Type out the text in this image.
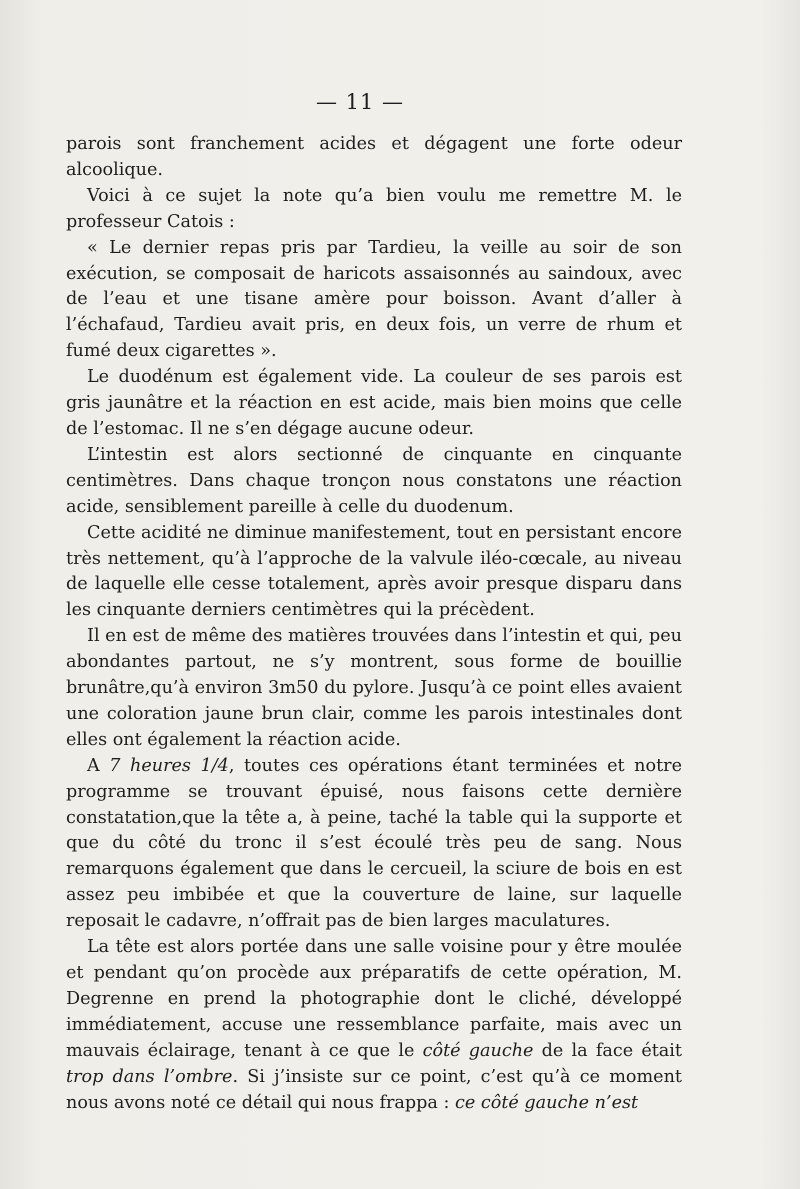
— 11 —

parois sont franchement acides et dégagent une forte odeur alcoolique.

Voici à ce sujet la note qu’a bien voulu me remettre M. le professeur Catois :

« Le dernier repas pris par Tardieu, la veille au soir de son exécution, se composait de haricots assaisonnés au saindoux, avec de l’eau et une tisane amère pour boisson. Avant d’aller à l’échafaud, Tardieu avait pris, en deux fois, un verre de rhum et fumé deux cigarettes ».

Le duodénum est également vide. La couleur de ses parois est gris jaunâtre et la réaction en est acide, mais bien moins que celle de l’estomac. Il ne s’en dégage aucune odeur.

L’intestin est alors sectionné de cinquante en cinquante centimètres. Dans chaque tronçon nous constatons une réaction acide, sensiblement pareille à celle du duodenum.

Cette acidité ne diminue manifestement, tout en persistant encore très nettement, qu’à l’approche de la valvule iléo-cœcale, au niveau de laquelle elle cesse totalement, après avoir presque disparu dans les cinquante derniers centimètres qui la précèdent.

Il en est de même des matières trouvées dans l’intestin et qui, peu abondantes partout, ne s’y montrent, sous forme de bouillie brunâtre,qu’à environ 3m50 du pylore. Jusqu’à ce point elles avaient une coloration jaune brun clair, comme les parois intestinales dont elles ont également la réaction acide.

A 7 heures 1/4, toutes ces opérations étant terminées et notre programme se trouvant épuisé, nous faisons cette dernière constatation,que la tête a, à peine, taché la table qui la supporte et que du côté du tronc il s’est écoulé très peu de sang. Nous remarquons également que dans le cercueil, la sciure de bois en est assez peu imbibée et que la couverture de laine, sur laquelle reposait le cadavre, n’offrait pas de bien larges maculatures.

La tête est alors portée dans une salle voisine pour y être moulée et pendant qu’on procède aux préparatifs de cette opération, M. Degrenne en prend la photographie dont le cliché, développé immédiatement, accuse une ressemblance parfaite, mais avec un mauvais éclairage, tenant à ce que le côté gauche de la face était trop dans l’ombre. Si j’insiste sur ce point, c’est qu’à ce moment nous avons noté ce détail qui nous frappa : ce côté gauche n’est
